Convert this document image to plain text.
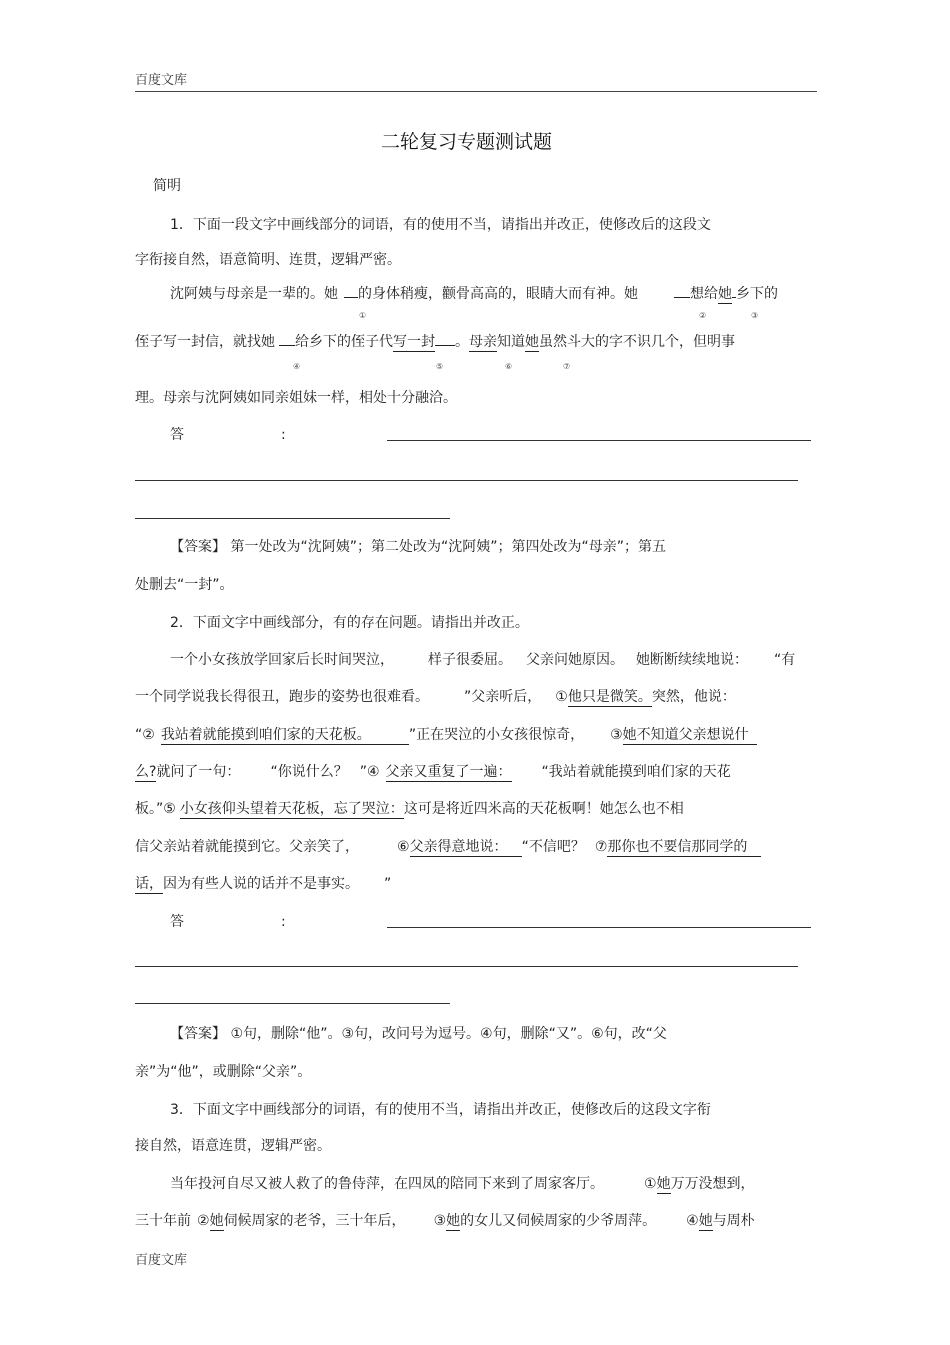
百度文库
二轮复习专题测试题
简明
1．下面一段文字中画线部分的词语，有的使用不当，请指出并改正，使修改后的这段文
字衔接自然，语意简明、连贯，逻辑严密。
沈阿姨与母亲是一辈的。她 的身体稍瘦，颧骨高高的，眼睛大而有神。她	想给她 乡下的
①	②	③
侄子写一封信，就找她 给乡下的侄子代写一封 。母亲知道她虽然斗大的字不识几个，但明事
④	⑤	⑥	⑦
理。母亲与沈阿姨如同亲姐妹一样，相处十分融洽。
答	:
【答案】 第一处改为“沈阿姨”；第二处改为“沈阿姨”；第四处改为“母亲”；第五
处删去“一封”。
2．下面文字中画线部分，有的存在问题。请指出并改正。
一个小女孩放学回家后长时间哭泣， 样子很委屈。 父亲问她原因。 她断断续续地说： “有
一个同学说我长得很丑，跑步的姿势也很难看。	”父亲听后， ①他只是微笑。突然，他说：
“② 我站着就能摸到咱们家的天花板。	”正在哭泣的小女孩很惊奇， ③她不知道父亲想说什
么?就问了一句： “你说什么？ ”④ 父亲又重复了一遍： “我站着就能摸到咱们家的天花
板。”⑤ 小女孩仰头望着天花板，忘了哭泣：这可是将近四米高的天花板啊！她怎么也不相
信父亲站着就能摸到它。父亲笑了，	⑥父亲得意地说： “不信吧？ ⑦那你也不要信那同学的
话，因为有些人说的话并不是事实。 ”
答	:
【答案】 ①句，删除“他”。③句，改问号为逗号。④句，删除“又”。⑥句，改“父
亲”为“他”，或删除“父亲”。
3．下面文字中画线部分的词语，有的使用不当，请指出并改正，使修改后的这段文字衔
接自然，语意连贯，逻辑严密。
当年投河自尽又被人救了的鲁侍萍，在四凤的陪同下来到了周家客厅。	①她万万没想到，
三十年前 ②她伺候周家的老爷，三十年后， ③她的女儿又伺候周家的少爷周萍。 ④她与周朴
百度文库
